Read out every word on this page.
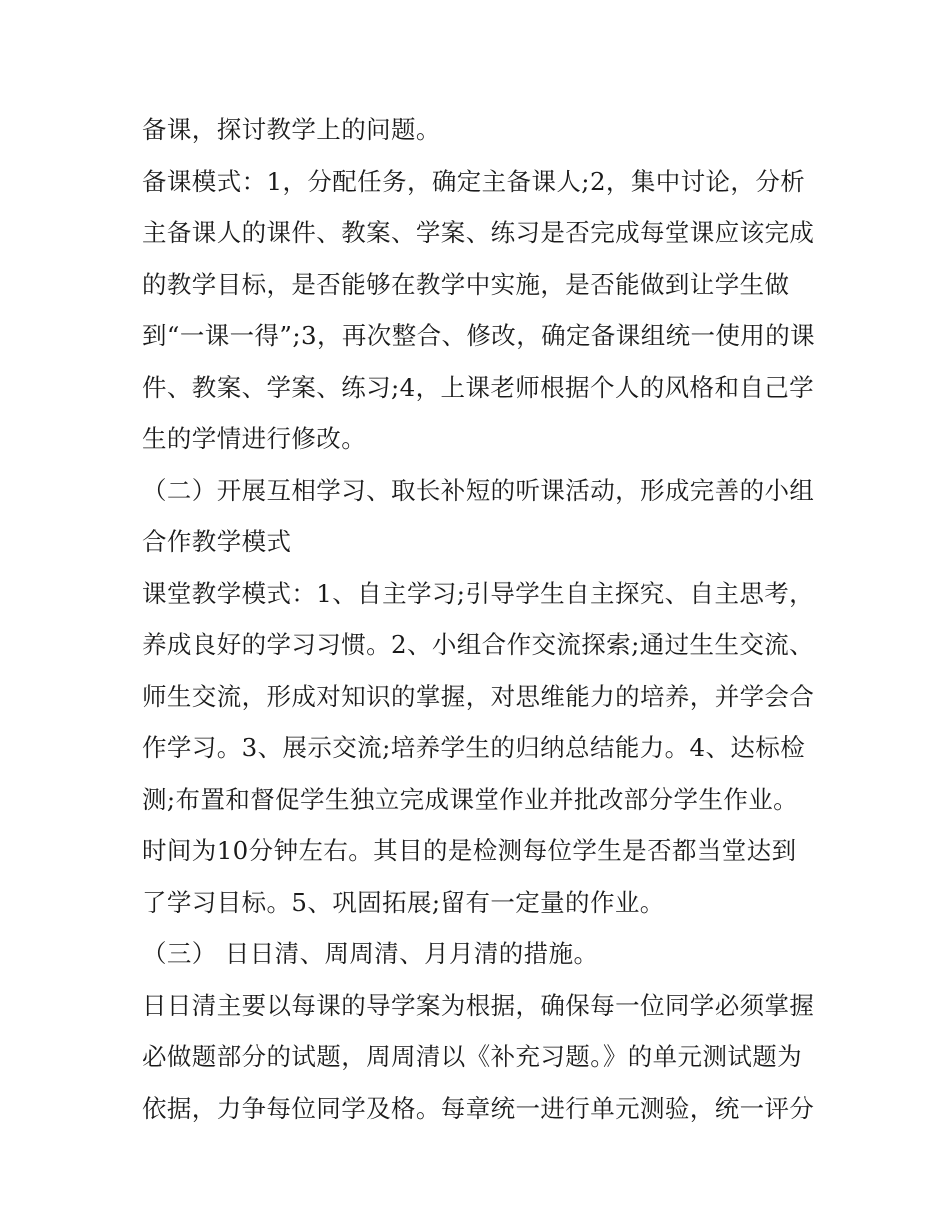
备课，探讨教学上的问题。
备课模式：1，分配任务，确定主备课人;2，集中讨论，分析
主备课人的课件、教案、学案、练习是否完成每堂课应该完成
的教学目标，是否能够在教学中实施，是否能做到让学生做
到“一课一得”;3，再次整合、修改，确定备课组统一使用的课
件、教案、学案、练习;4，上课老师根据个人的风格和自己学
生的学情进行修改。
（二）开展互相学习、取长补短的听课活动，形成完善的小组
合作教学模式
课堂教学模式：1、自主学习;引导学生自主探究、自主思考，
养成良好的学习习惯。2、小组合作交流探索;通过生生交流、
师生交流，形成对知识的掌握，对思维能力的培养，并学会合
作学习。3、展示交流;培养学生的归纳总结能力。4、达标检
测;布置和督促学生独立完成课堂作业并批改部分学生作业。
时间为10分钟左右。其目的是检测每位学生是否都当堂达到
了学习目标。5、巩固拓展;留有一定量的作业。
（三） 日日清、周周清、月月清的措施。
日日清主要以每课的导学案为根据，确保每一位同学必须掌握
必做题部分的试题，周周清以《补充习题。》的单元测试题为
依据，力争每位同学及格。每章统一进行单元测验，统一评分
